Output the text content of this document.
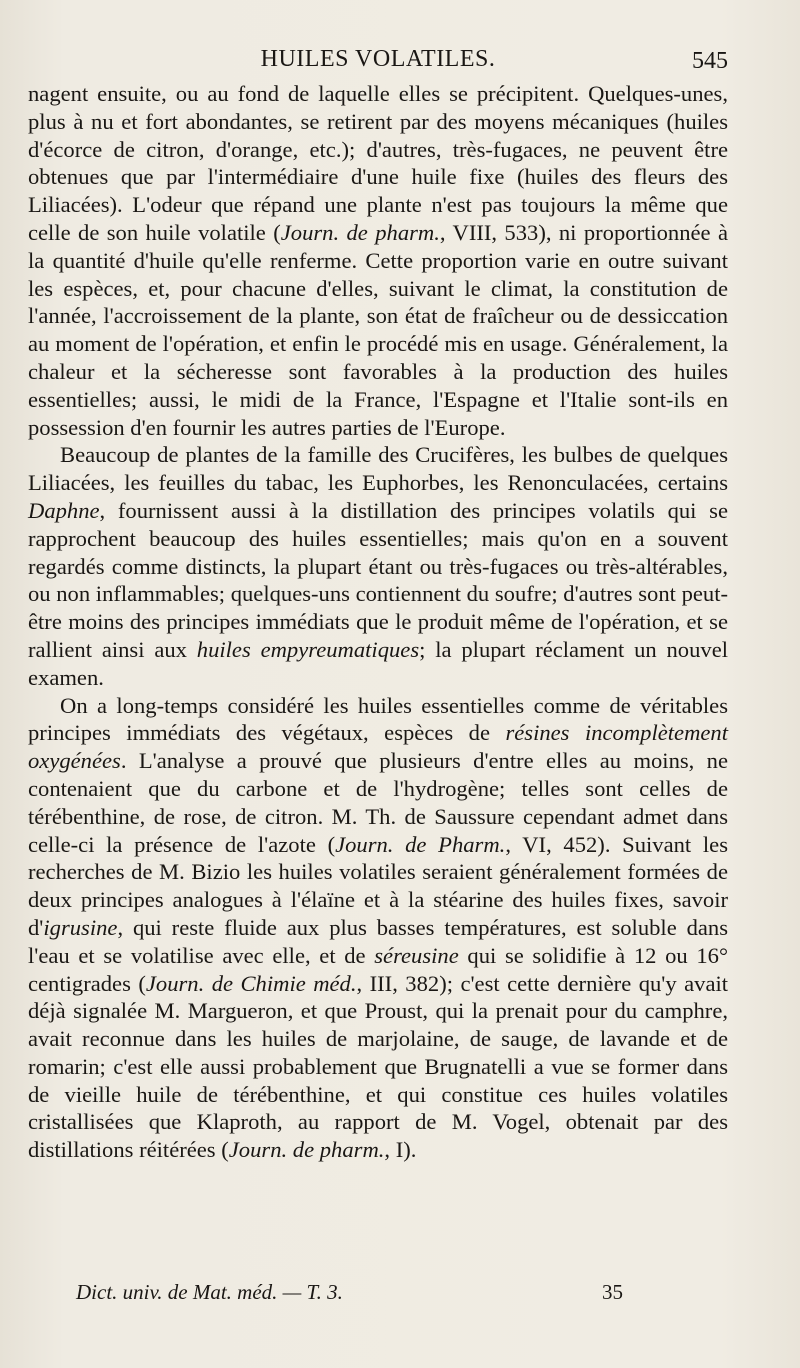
HUILES VOLATILES.	545

nagent ensuite, ou au fond de laquelle elles se précipitent. Quelques-unes, plus à nu et fort abondantes, se retirent par des moyens mécaniques (huiles d'écorce de citron, d'orange, etc.); d'autres, très-fugaces, ne peuvent être obtenues que par l'intermédiaire d'une huile fixe (huiles des fleurs des Liliacées). L'odeur que répand une plante n'est pas toujours la même que celle de son huile volatile (Journ. de pharm., VIII, 533), ni proportionnée à la quantité d'huile qu'elle renferme. Cette proportion varie en outre suivant les espèces, et, pour chacune d'elles, suivant le climat, la constitution de l'année, l'accroissement de la plante, son état de fraîcheur ou de dessiccation au moment de l'opération, et enfin le procédé mis en usage. Généralement, la chaleur et la sécheresse sont favorables à la production des huiles essentielles; aussi, le midi de la France, l'Espagne et l'Italie sont-ils en possession d'en fournir les autres parties de l'Europe.

Beaucoup de plantes de la famille des Crucifères, les bulbes de quelques Liliacées, les feuilles du tabac, les Euphorbes, les Renonculacées, certains Daphne, fournissent aussi à la distillation des principes volatils qui se rapprochent beaucoup des huiles essentielles; mais qu'on en a souvent regardés comme distincts, la plupart étant ou très-fugaces ou très-altérables, ou non inflammables; quelques-uns contiennent du soufre; d'autres sont peut-être moins des principes immédiats que le produit même de l'opération, et se rallient ainsi aux huiles empyreumatiques; la plupart réclament un nouvel examen.

On a long-temps considéré les huiles essentielles comme de véritables principes immédiats des végétaux, espèces de résines incomplètement oxygénées. L'analyse a prouvé que plusieurs d'entre elles au moins, ne contenaient que du carbone et de l'hydrogène; telles sont celles de térébenthine, de rose, de citron. M. Th. de Saussure cependant admet dans celle-ci la présence de l'azote (Journ. de Pharm., VI, 452). Suivant les recherches de M. Bizio les huiles volatiles seraient généralement formées de deux principes analogues à l'élaïne et à la stéarine des huiles fixes, savoir d'igrusine, qui reste fluide aux plus basses températures, est soluble dans l'eau et se volatilise avec elle, et de séreusine qui se solidifie à 12 ou 16° centigrades (Journ. de Chimie méd., III, 382); c'est cette dernière qu'y avait déjà signalée M. Margueron, et que Proust, qui la prenait pour du camphre, avait reconnue dans les huiles de marjolaine, de sauge, de lavande et de romarin; c'est elle aussi probablement que Brugnatelli a vue se former dans de vieille huile de térébenthine, et qui constitue ces huiles volatiles cristallisées que Klaproth, au rapport de M. Vogel, obtenait par des distillations réitérées (Journ. de pharm., I).

Dict. univ. de Mat. méd. — T. 3.	35
